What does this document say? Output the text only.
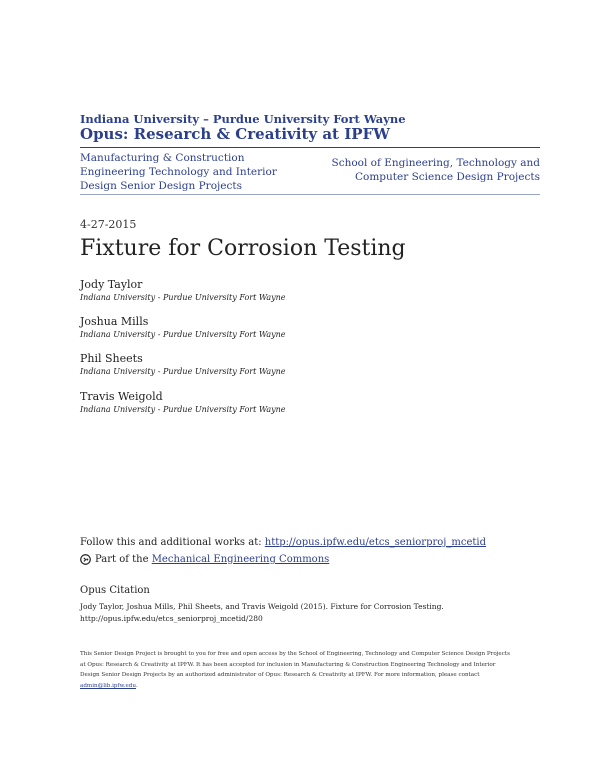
Indiana University – Purdue University Fort Wayne
Opus: Research & Creativity at IPFW
Manufacturing & Construction Engineering Technology and Interior Design Senior Design Projects
School of Engineering, Technology and Computer Science Design Projects
4-27-2015
Fixture for Corrosion Testing
Jody Taylor
Indiana University - Purdue University Fort Wayne
Joshua Mills
Indiana University - Purdue University Fort Wayne
Phil Sheets
Indiana University - Purdue University Fort Wayne
Travis Weigold
Indiana University - Purdue University Fort Wayne
Follow this and additional works at: http://opus.ipfw.edu/etcs_seniorproj_mcetid
Part of the
Mechanical Engineering Commons
Opus Citation
Jody Taylor, Joshua Mills, Phil Sheets, and Travis Weigold (2015). Fixture for Corrosion Testing.
http://opus.ipfw.edu/etcs_seniorproj_mcetid/280
This Senior Design Project is brought to you for free and open access by the School of Engineering, Technology and Computer Science Design Projects
at Opus: Research & Creativity at IPFW. It has been accepted for inclusion in Manufacturing & Construction Engineering Technology and Interior
Design Senior Design Projects by an authorized administrator of Opus: Research & Creativity at IPFW. For more information, please contact
admin@lib.ipfw.edu.
